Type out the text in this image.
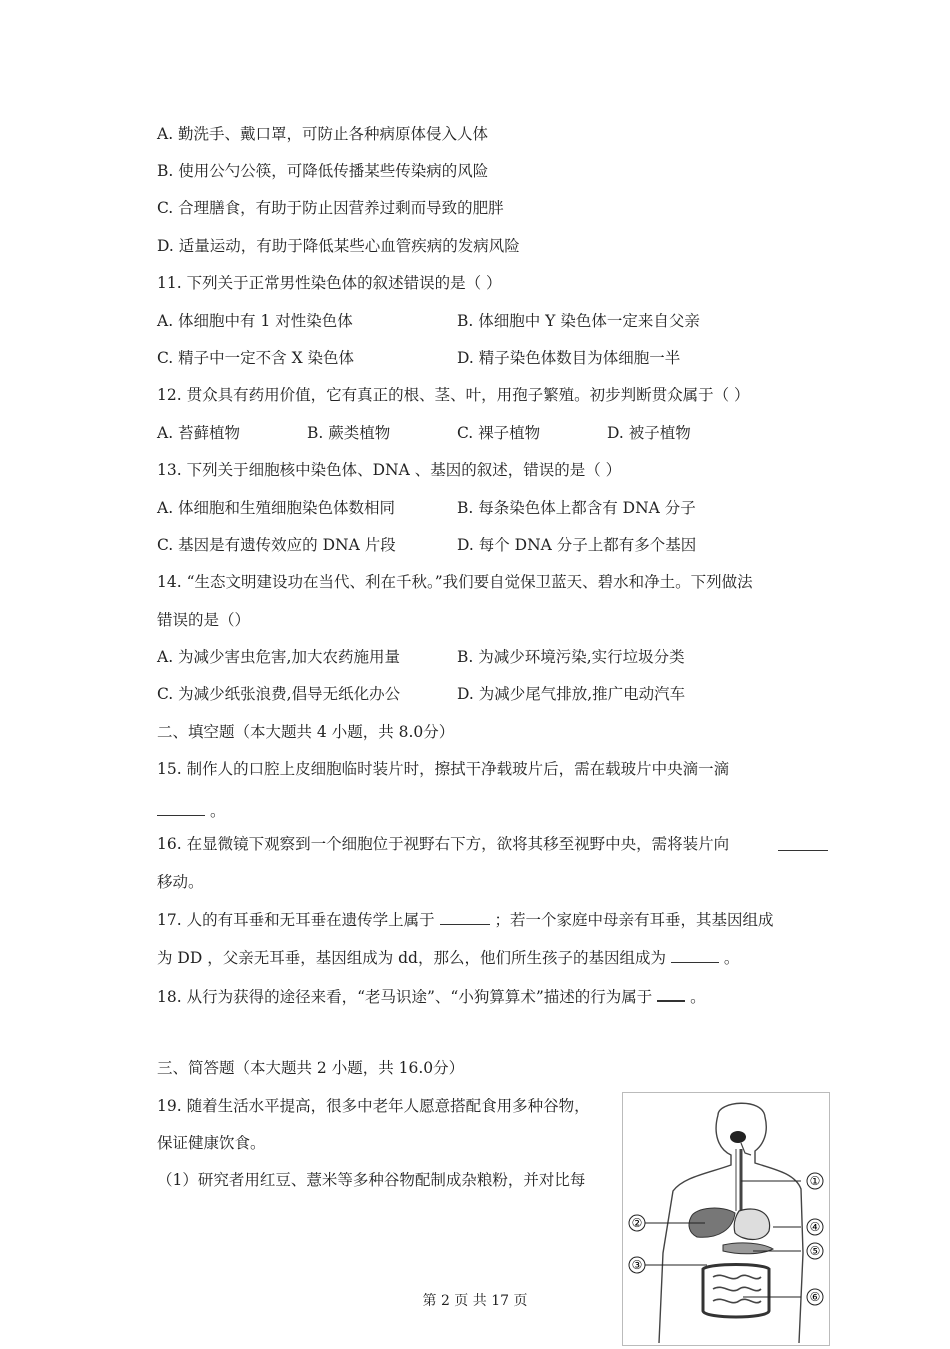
A. 勤洗手、戴口罩，可防止各种病原体侵入人体
B. 使用公勺公筷，可降低传播某些传染病的风险
C. 合理膳食，有助于防止因营养过剩而导致的肥胖
D. 适量运动，有助于降低某些心血管疾病的发病风险
11. 下列关于正常男性染色体的叙述错误的是（ ）
A. 体细胞中有 1 对性染色体	B. 体细胞中 Y 染色体一定来自父亲
C. 精子中一定不含 X 染色体	D. 精子染色体数目为体细胞一半
12. 贯众具有药用价值，它有真正的根、茎、叶，用孢子繁殖。初步判断贯众属于（ ）
A. 苔藓植物	B. 蕨类植物	C. 裸子植物	D. 被子植物
13. 下列关于细胞核中染色体、DNA 、基因的叙述，错误的是（ ）
A. 体细胞和生殖细胞染色体数相同	B. 每条染色体上都含有 DNA 分子
C. 基因是有遗传效应的 DNA 片段	D. 每个 DNA 分子上都有多个基因
14. “生态文明建设功在当代、利在千秋。”我们要自觉保卫蓝天、碧水和净土。下列做法
错误的是（）
A. 为减少害虫危害,加大农药施用量	B. 为减少环境污染,实行垃圾分类
C. 为减少纸张浪费,倡导无纸化办公	D. 为减少尾气排放,推广电动汽车
二、填空题（本大题共 4 小题，共 8.0分）
15. 制作人的口腔上皮细胞临时装片时，擦拭干净载玻片后，需在载玻片中央滴一滴
。
16. 在显微镜下观察到一个细胞位于视野右下方，欲将其移至视野中央，需将装片向
移动。
17. 人的有耳垂和无耳垂在遗传学上属于	；若一个家庭中母亲有耳垂，其基因组成
为 DD ，父亲无耳垂，基因组成为 dd，那么，他们所生孩子的基因组成为	。
18. 从行为获得的途径来看，“老马识途”、“小狗算算术”描述的行为属于 。
三、简答题（本大题共 2 小题，共 16.0分）
19. 随着生活水平提高，很多中老年人愿意搭配食用多种谷物，
保证健康饮食。
（1）研究者用红豆、薏米等多种谷物配制成杂粮粉，并对比每	①
②
③
④
⑤
⑥
第 2 页 共 17 页
